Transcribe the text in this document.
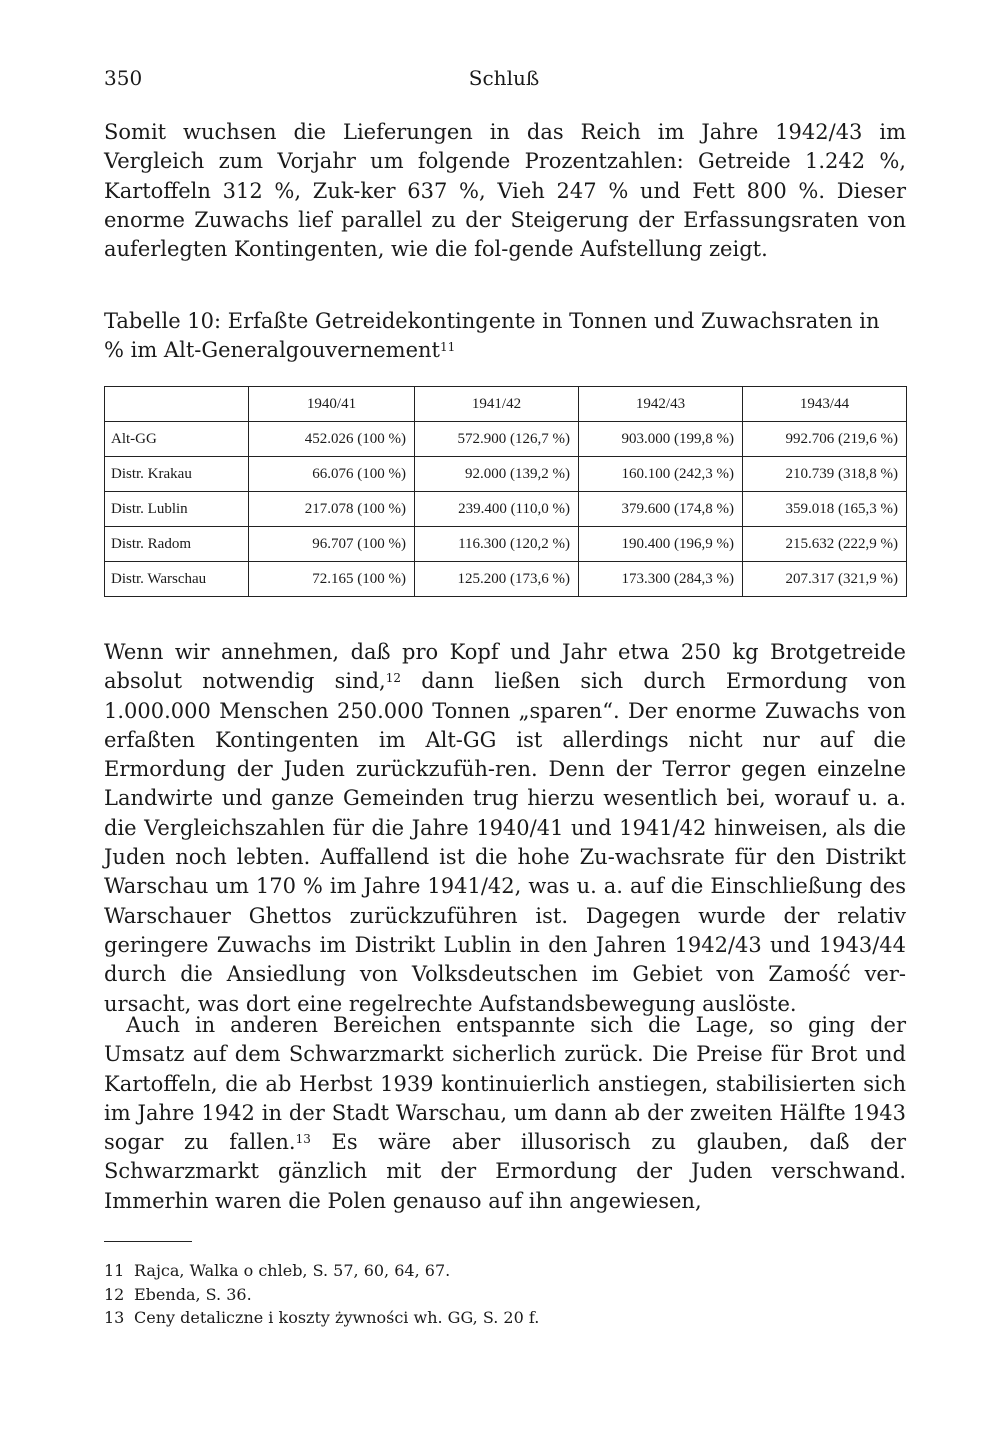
350	Schluß

Somit wuchsen die Lieferungen in das Reich im Jahre 1942/43 im Vergleich zum Vorjahr um folgende Prozentzahlen: Getreide 1.242 %, Kartoffeln 312 %, Zuk-ker 637 %, Vieh 247 % und Fett 800 %. Dieser enorme Zuwachs lief parallel zu der Steigerung der Erfassungsraten von auferlegten Kontingenten, wie die fol-gende Aufstellung zeigt.

Tabelle 10: Erfaßte Getreidekontingente in Tonnen und Zuwachsraten in % im Alt-Generalgouvernement$^{11}$

	1940/41	1941/42	1942/43	1943/44
Alt-GG	452.026 (100 %)	572.900 (126,7 %)	903.000 (199,8 %)	992.706 (219,6 %)
Distr. Krakau	66.076 (100 %)	92.000 (139,2 %)	160.100 (242,3 %)	210.739 (318,8 %)
Distr. Lublin	217.078 (100 %)	239.400 (110,0 %)	379.600 (174,8 %)	359.018 (165,3 %)
Distr. Radom	96.707 (100 %)	116.300 (120,2 %)	190.400 (196,9 %)	215.632 (222,9 %)
Distr. Warschau	72.165 (100 %)	125.200 (173,6 %)	173.300 (284,3 %)	207.317 (321,9 %)

Wenn wir annehmen, daß pro Kopf und Jahr etwa 250 kg Brotgetreide absolut notwendig sind,$^{12}$ dann ließen sich durch Ermordung von 1.000.000 Menschen 250.000 Tonnen „sparen“. Der enorme Zuwachs von erfaßten Kontingenten im Alt-GG ist allerdings nicht nur auf die Ermordung der Juden zurückzufüh-ren. Denn der Terror gegen einzelne Landwirte und ganze Gemeinden trug hierzu wesentlich bei, worauf u. a. die Vergleichszahlen für die Jahre 1940/41 und 1941/42 hinweisen, als die Juden noch lebten. Auffallend ist die hohe Zu-wachsrate für den Distrikt Warschau um 170 % im Jahre 1941/42, was u. a. auf die Einschließung des Warschauer Ghettos zurückzuführen ist. Dagegen wurde der relativ geringere Zuwachs im Distrikt Lublin in den Jahren 1942/43 und 1943/44 durch die Ansiedlung von Volksdeutschen im Gebiet von Zamość ver-ursacht, was dort eine regelrechte Aufstandsbewegung auslöste.

Auch in anderen Bereichen entspannte sich die Lage, so ging der Umsatz auf dem Schwarzmarkt sicherlich zurück. Die Preise für Brot und Kartoffeln, die ab Herbst 1939 kontinuierlich anstiegen, stabilisierten sich im Jahre 1942 in der Stadt Warschau, um dann ab der zweiten Hälfte 1943 sogar zu fallen.$^{13}$ Es wäre aber illusorisch zu glauben, daß der Schwarzmarkt gänzlich mit der Ermordung der Juden verschwand. Immerhin waren die Polen genauso auf ihn angewiesen,

11 Rajca, Walka o chleb, S. 57, 60, 64, 67.
12 Ebenda, S. 36.
13 Ceny detaliczne i koszty żywności wh. GG, S. 20 f.
